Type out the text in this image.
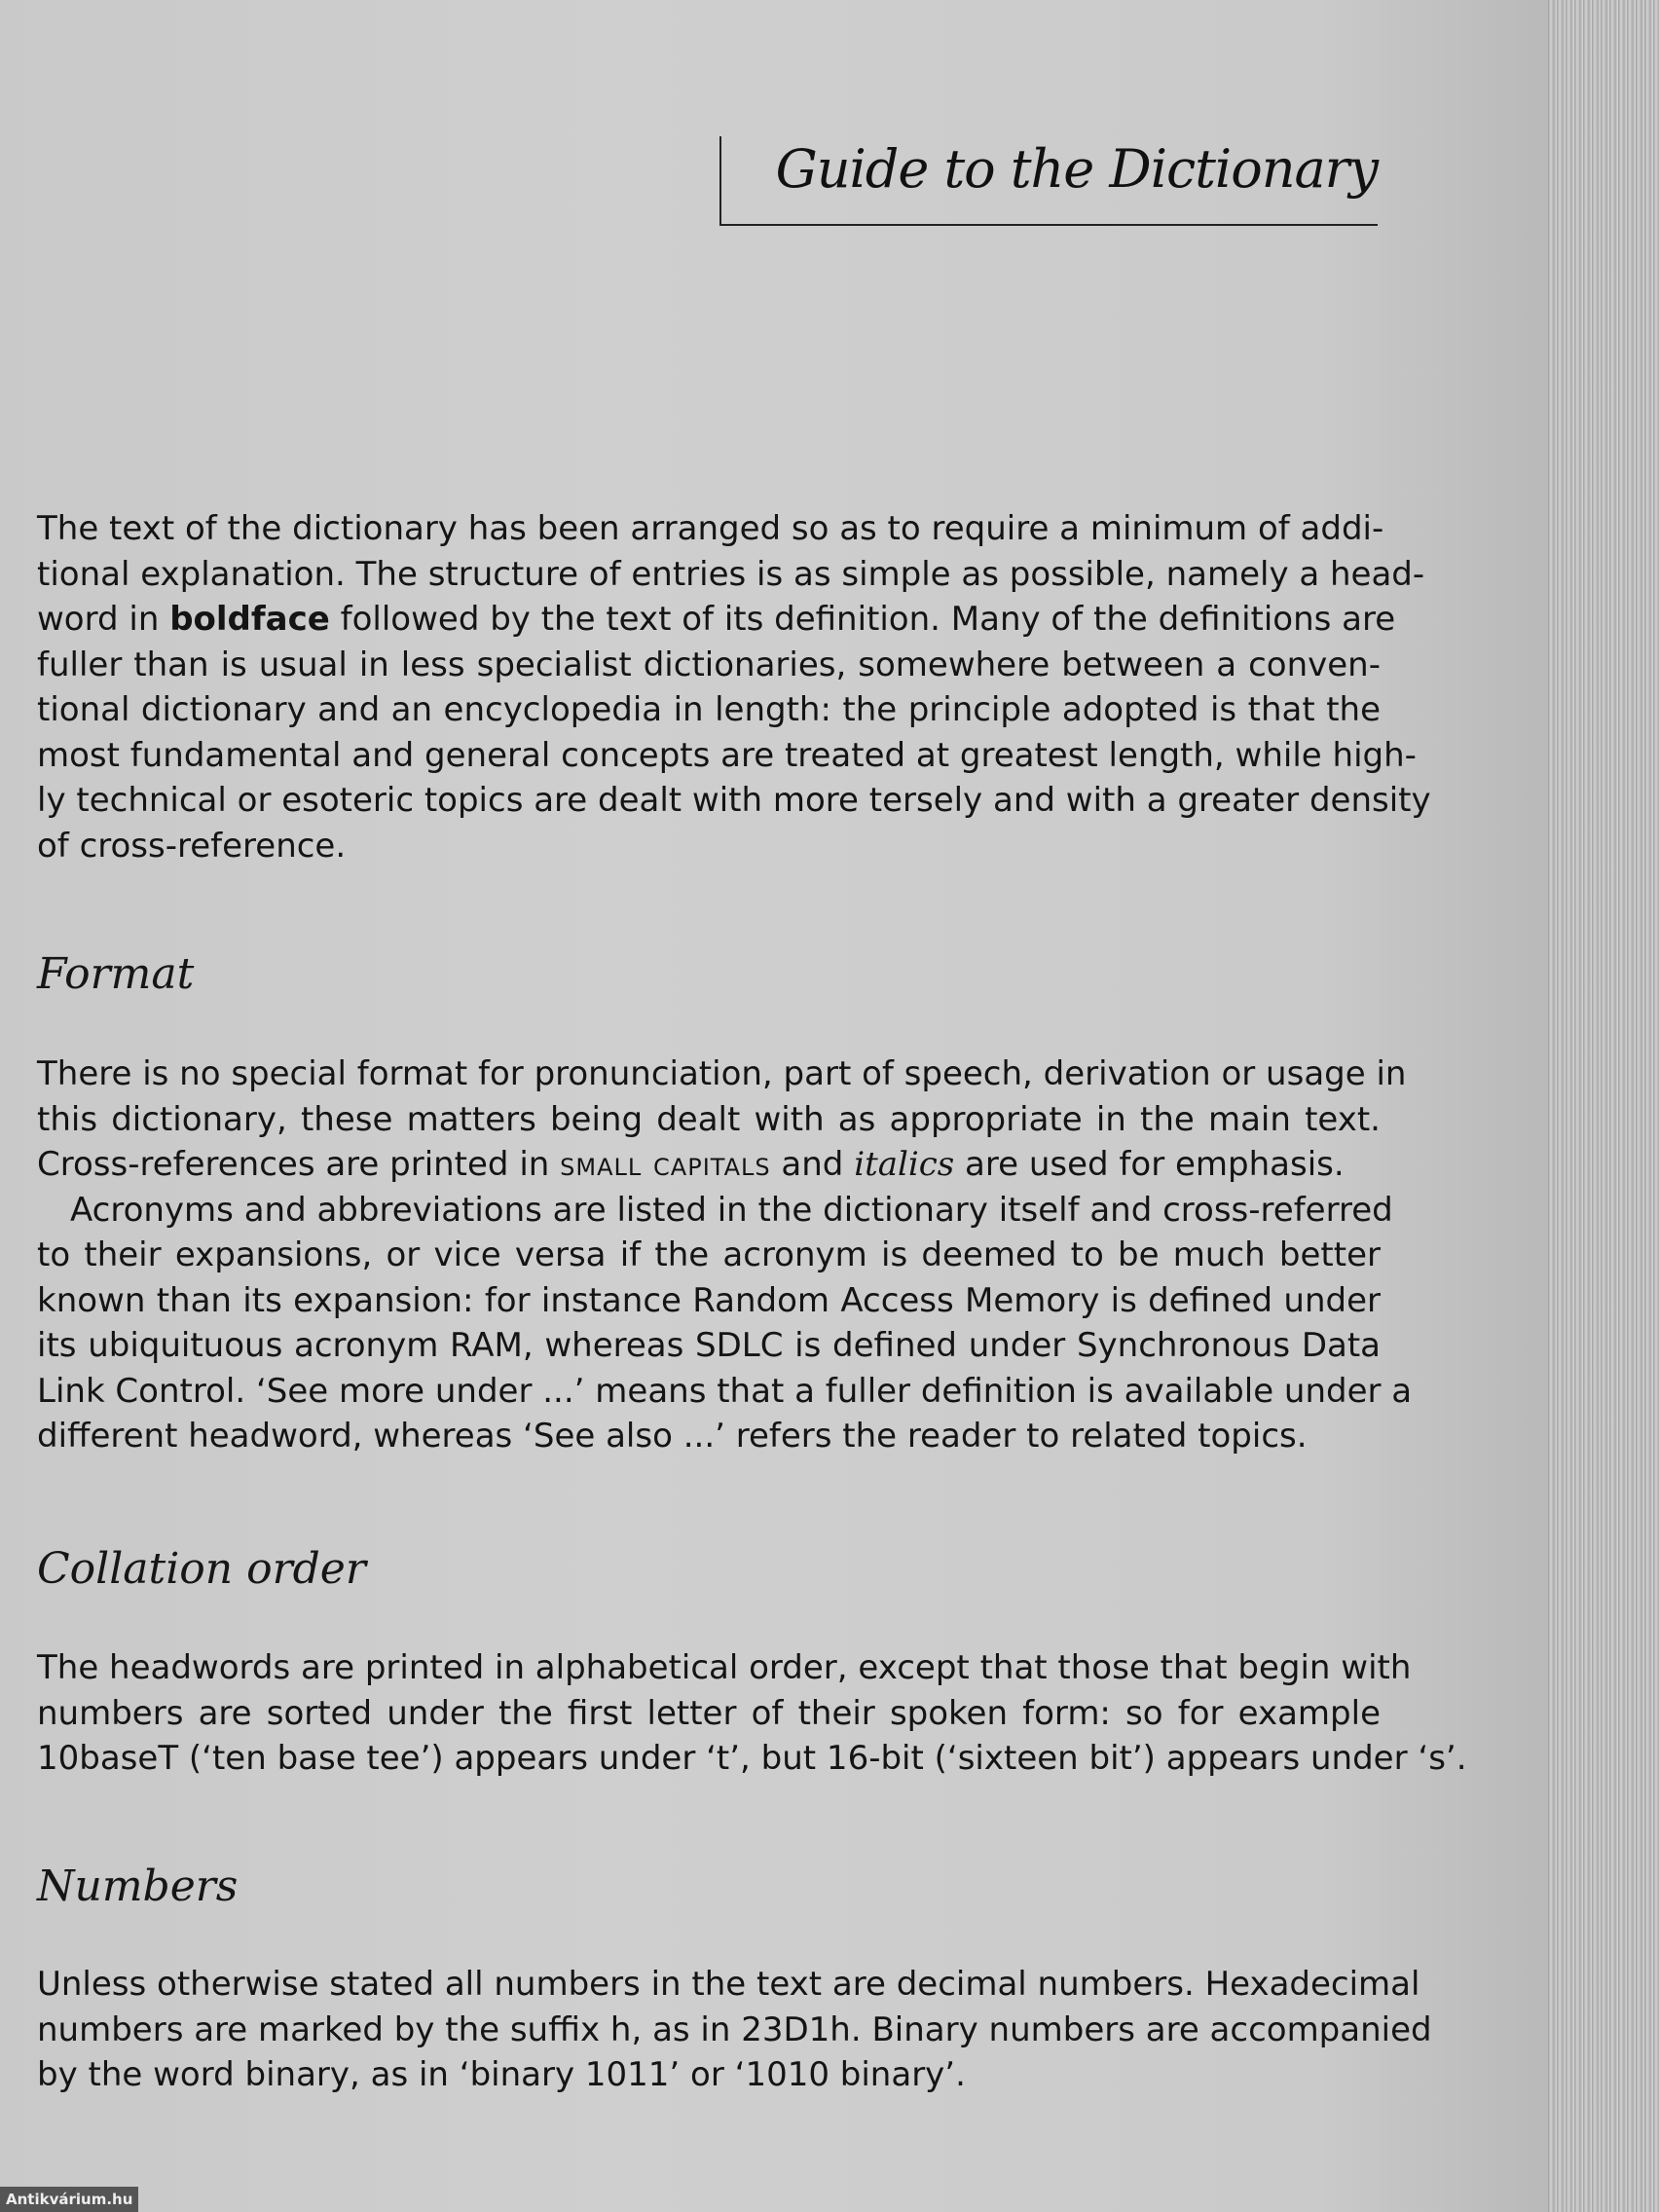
Guide to the Dictionary

The text of the dictionary has been arranged so as to require a minimum of addi-
tional explanation. The structure of entries is as simple as possible, namely a head-
word in boldface followed by the text of its definition. Many of the definitions are
fuller than is usual in less specialist dictionaries, somewhere between a conven-
tional dictionary and an encyclopedia in length: the principle adopted is that the
most fundamental and general concepts are treated at greatest length, while high-
ly technical or esoteric topics are dealt with more tersely and with a greater density
of cross-reference.

Format

There is no special format for pronunciation, part of speech, derivation or usage in
this dictionary, these matters being dealt with as appropriate in the main text.
Cross-references are printed in small capitals and italics are used for emphasis.
Acronyms and abbreviations are listed in the dictionary itself and cross-referred
to their expansions, or vice versa if the acronym is deemed to be much better
known than its expansion: for instance Random Access Memory is defined under
its ubiquituous acronym RAM, whereas SDLC is defined under Synchronous Data
Link Control. ‘See more under ...’ means that a fuller definition is available under a
different headword, whereas ‘See also ...’ refers the reader to related topics.

Collation order

The headwords are printed in alphabetical order, except that those that begin with
numbers are sorted under the first letter of their spoken form: so for example
10baseT (‘ten base tee’) appears under ‘t’, but 16-bit (‘sixteen bit’) appears under ‘s’.

Numbers

Unless otherwise stated all numbers in the text are decimal numbers. Hexadecimal
numbers are marked by the suffix h, as in 23D1h. Binary numbers are accompanied
by the word binary, as in ‘binary 1011’ or ‘1010 binary’.

Antikvárium.hu
